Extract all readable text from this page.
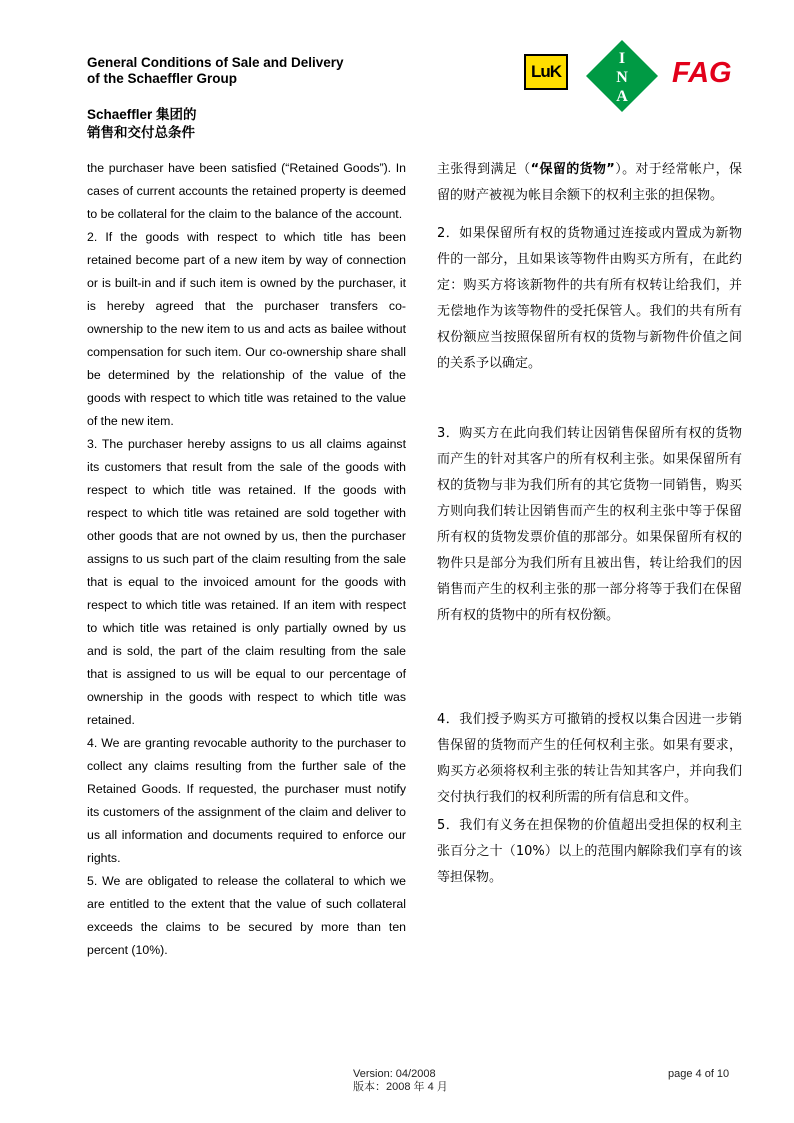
General Conditions of Sale and Delivery
of the Schaeffler Group
Schaeffler 集团的
销售和交付总条件
LuK
I
N
A
FAG

the purchaser have been satisfied (“Retained Goods”). In cases of current accounts the retained property is deemed to be collateral for the claim to the balance of the account.

2. If the goods with respect to which title has been retained become part of a new item by way of connection or is built-in and if such item is owned by the purchaser, it is hereby agreed that the purchaser transfers co-ownership to the new item to us and acts as bailee without compensation for such item. Our co-ownership share shall be determined by the relationship of the value of the goods with respect to which title was retained to the value of the new item.

3. The purchaser hereby assigns to us all claims against its customers that result from the sale of the goods with respect to which title was retained. If the goods with respect to which title was retained are sold together with other goods that are not owned by us, then the purchaser assigns to us such part of the claim resulting from the sale that is equal to the invoiced amount for the goods with respect to which title was retained. If an item with respect to which title was retained is only partially owned by us and is sold, the part of the claim resulting from the sale that is assigned to us will be equal to our percentage of ownership in the goods with respect to which title was retained.

4. We are granting revocable authority to the purchaser to collect any claims resulting from the further sale of the Retained Goods. If requested, the purchaser must notify its customers of the assignment of the claim and deliver to us all information and documents required to enforce our rights.

5. We are obligated to release the collateral to which we are entitled to the extent that the value of such collateral exceeds the claims to be secured by more than ten percent (10%).

主张得到满足（“保留的货物”）。对于经常帐户，保留的财产被视为帐目余额下的权利主张的担保物。

2．如果保留所有权的货物通过连接或内置成为新物件的一部分，且如果该等物件由购买方所有，在此约定：购买方将该新物件的共有所有权转让给我们，并无偿地作为该等物件的受托保管人。我们的共有所有权份额应当按照保留所有权的货物与新物件价值之间的关系予以确定。

3．购买方在此向我们转让因销售保留所有权的货物而产生的针对其客户的所有权利主张。如果保留所有权的货物与非为我们所有的其它货物一同销售，购买方则向我们转让因销售而产生的权利主张中等于保留所有权的货物发票价值的那部分。如果保留所有权的物件只是部分为我们所有且被出售，转让给我们的因销售而产生的权利主张的那一部分将等于我们在保留所有权的货物中的所有权份额。

4．我们授予购买方可撤销的授权以集合因进一步销售保留的货物而产生的任何权利主张。如果有要求，购买方必须将权利主张的转让告知其客户，并向我们交付执行我们的权利所需的所有信息和文件。

5．我们有义务在担保物的价值超出受担保的权利主张百分之十（10%）以上的范围内解除我们享有的该等担保物。

Version: 04/2008
版本：2008 年 4 月
page 4 of 10
